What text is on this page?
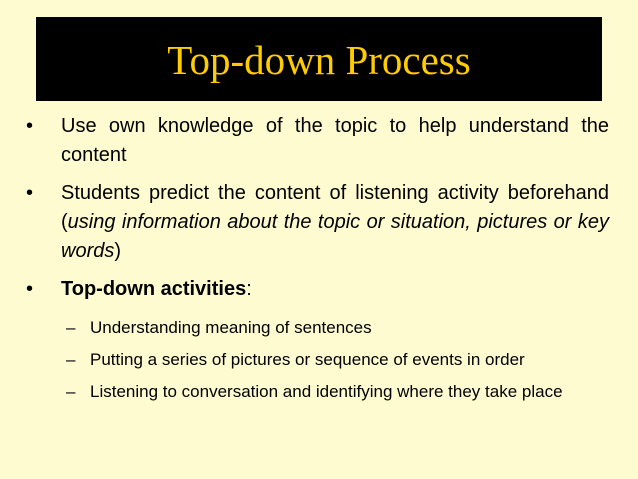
Top-down Process
• Use own knowledge of the topic to help understand the content
• Students predict the content of listening activity beforehand (using information about the topic or situation, pictures or key words)
• Top-down activities:
– Understanding meaning of sentences
– Putting a series of pictures or sequence of events in order
– Listening to conversation and identifying where they take place
